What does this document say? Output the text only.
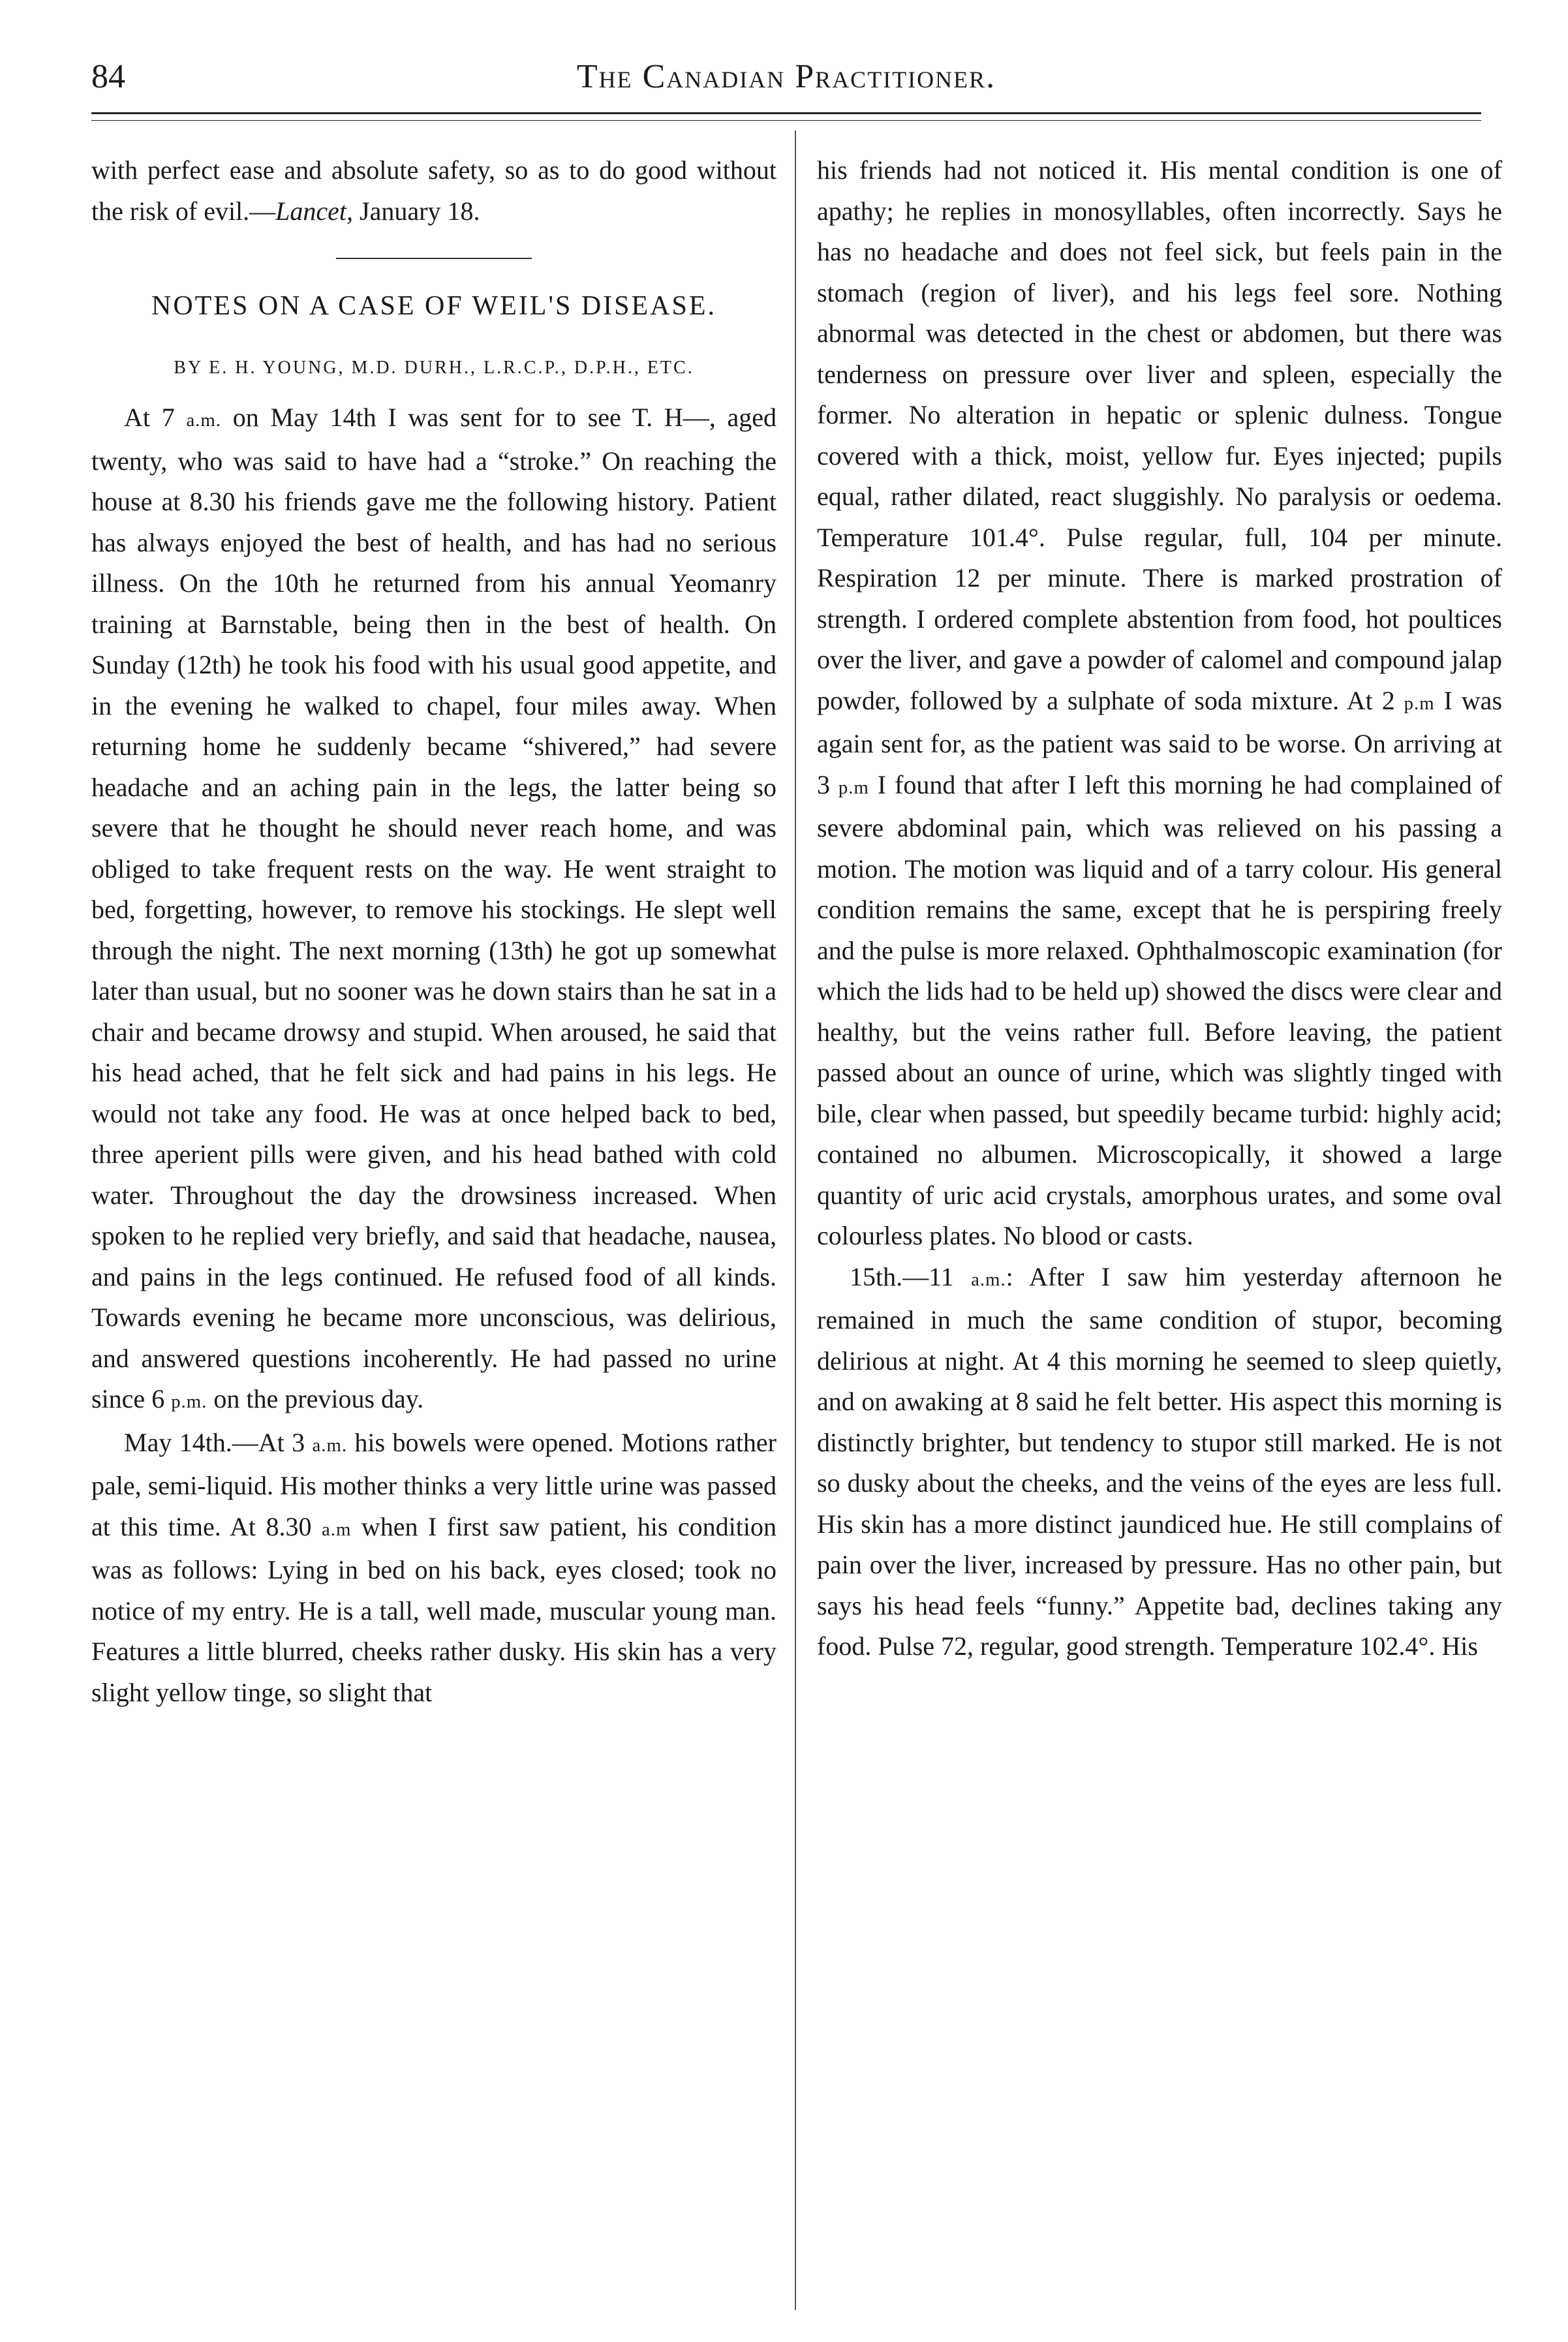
84	The Canadian Practitioner.

with perfect ease and absolute safety, so as to do good without the risk of evil.—Lancet, January 18.

NOTES ON A CASE OF WEIL'S DISEASE.
BY E. H. YOUNG, M.D. DURH., L.R.C.P., D.P.H., ETC.

At 7 a.m. on May 14th I was sent for to see T. H—, aged twenty, who was said to have had a “stroke.” On reaching the house at 8.30 his friends gave me the following history. Patient has always enjoyed the best of health, and has had no serious illness. On the 10th he returned from his annual Yeomanry training at Barnstable, being then in the best of health. On Sunday (12th) he took his food with his usual good appetite, and in the evening he walked to chapel, four miles away. When returning home he suddenly became “shivered,” had severe headache and an aching pain in the legs, the latter being so severe that he thought he should never reach home, and was obliged to take frequent rests on the way. He went straight to bed, forgetting, however, to remove his stockings. He slept well through the night. The next morning (13th) he got up somewhat later than usual, but no sooner was he down stairs than he sat in a chair and became drowsy and stupid. When aroused, he said that his head ached, that he felt sick and had pains in his legs. He would not take any food. He was at once helped back to bed, three aperient pills were given, and his head bathed with cold water. Throughout the day the drowsiness increased. When spoken to he replied very briefly, and said that headache, nausea, and pains in the legs continued. He refused food of all kinds. Towards evening he became more unconscious, was delirious, and answered questions incoherently. He had passed no urine since 6 p.m. on the previous day.

May 14th.—At 3 a.m. his bowels were opened. Motions rather pale, semi-liquid. His mother thinks a very little urine was passed at this time. At 8.30 a.m when I first saw patient, his condition was as follows: Lying in bed on his back, eyes closed; took no notice of my entry. He is a tall, well made, muscular young man. Features a little blurred, cheeks rather dusky. His skin has a very slight yellow tinge, so slight that

his friends had not noticed it. His mental condition is one of apathy; he replies in monosyllables, often incorrectly. Says he has no headache and does not feel sick, but feels pain in the stomach (region of liver), and his legs feel sore. Nothing abnormal was detected in the chest or abdomen, but there was tenderness on pressure over liver and spleen, especially the former. No alteration in hepatic or splenic dulness. Tongue covered with a thick, moist, yellow fur. Eyes injected; pupils equal, rather dilated, react sluggishly. No paralysis or oedema. Temperature 101.4°. Pulse regular, full, 104 per minute. Respiration 12 per minute. There is marked prostration of strength. I ordered complete abstention from food, hot poultices over the liver, and gave a powder of calomel and compound jalap powder, followed by a sulphate of soda mixture. At 2 p.m I was again sent for, as the patient was said to be worse. On arriving at 3 p.m I found that after I left this morning he had complained of severe abdominal pain, which was relieved on his passing a motion. The motion was liquid and of a tarry colour. His general condition remains the same, except that he is perspiring freely and the pulse is more relaxed. Ophthalmoscopic examination (for which the lids had to be held up) showed the discs were clear and healthy, but the veins rather full. Before leaving, the patient passed about an ounce of urine, which was slightly tinged with bile, clear when passed, but speedily became turbid: highly acid; contained no albumen. Microscopically, it showed a large quantity of uric acid crystals, amorphous urates, and some oval colourless plates. No blood or casts.

15th.—11 a.m.: After I saw him yesterday afternoon he remained in much the same condition of stupor, becoming delirious at night. At 4 this morning he seemed to sleep quietly, and on awaking at 8 said he felt better. His aspect this morning is distinctly brighter, but tendency to stupor still marked. He is not so dusky about the cheeks, and the veins of the eyes are less full. His skin has a more distinct jaundiced hue. He still complains of pain over the liver, increased by pressure. Has no other pain, but says his head feels “funny.” Appetite bad, declines taking any food. Pulse 72, regular, good strength. Temperature 102.4°. His
